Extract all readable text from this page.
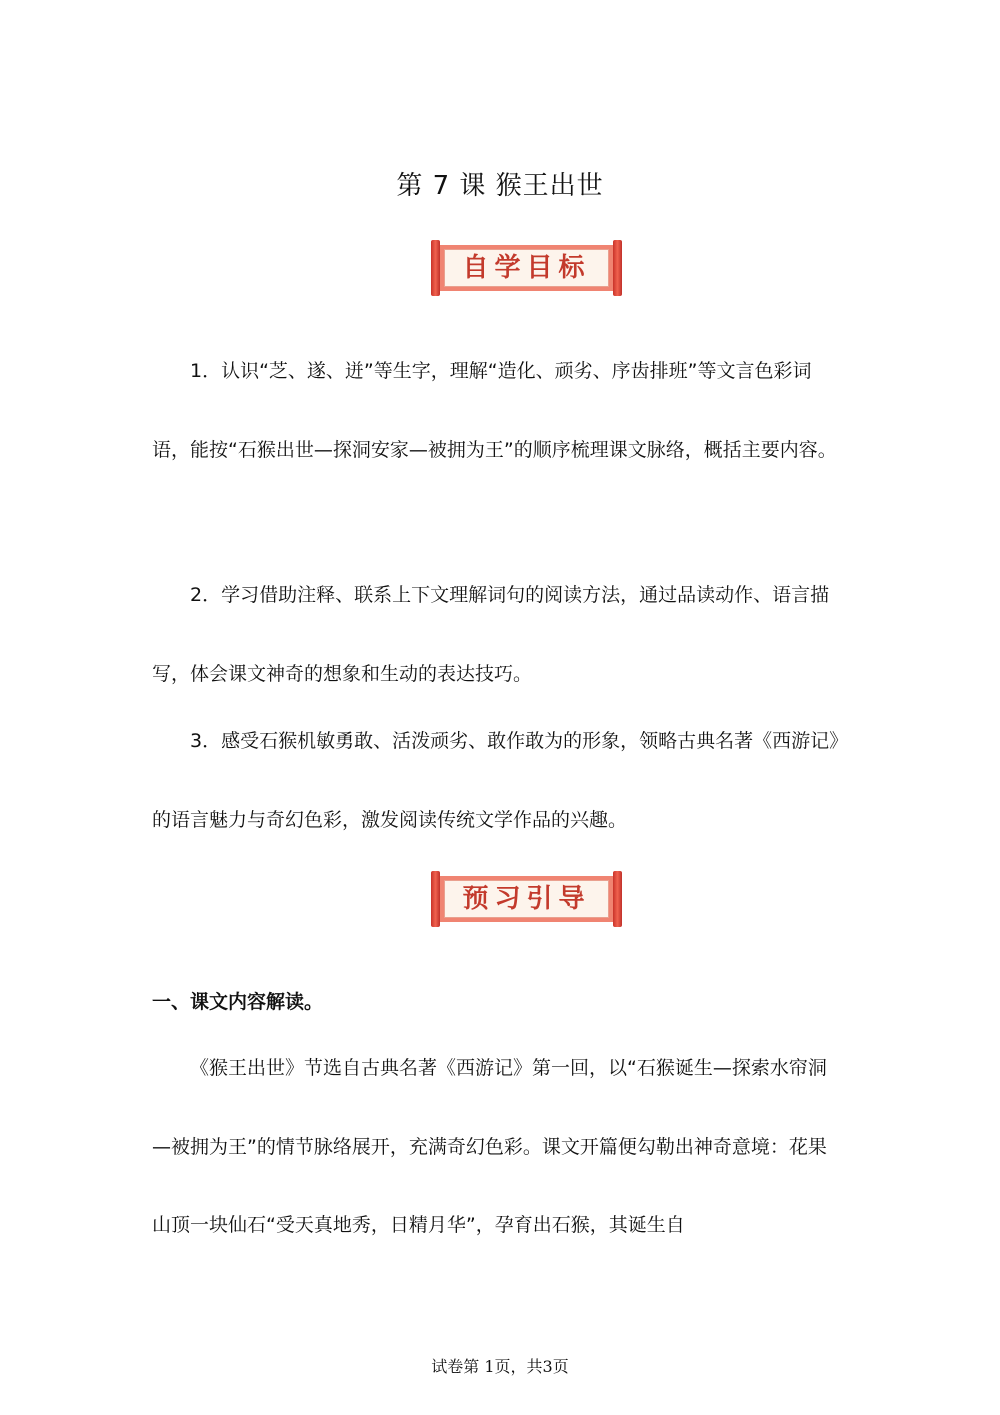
第 7 课 猴王出世
自学目标

1．认识“芝、遂、迸”等生字，理解“造化、顽劣、序齿排班”等文言色彩词语，能按“石猴出世—探洞安家—被拥为王”的顺序梳理课文脉络，概括主要内容。

2．学习借助注释、联系上下文理解词句的阅读方法，通过品读动作、语言描写，体会课文神奇的想象和生动的表达技巧。

3．感受石猴机敏勇敢、活泼顽劣、敢作敢为的形象，领略古典名著《西游记》的语言魅力与奇幻色彩，激发阅读传统文学作品的兴趣。

预习引导
一、课文内容解读。

《猴王出世》节选自古典名著《西游记》第一回，以“石猴诞生—探索水帘洞—被拥为王”的情节脉络展开，充满奇幻色彩。课文开篇便勾勒出神奇意境：花果山顶一块仙石“受天真地秀，日精月华”，孕育出石猴，其诞生自

试卷第 1页，共3页
